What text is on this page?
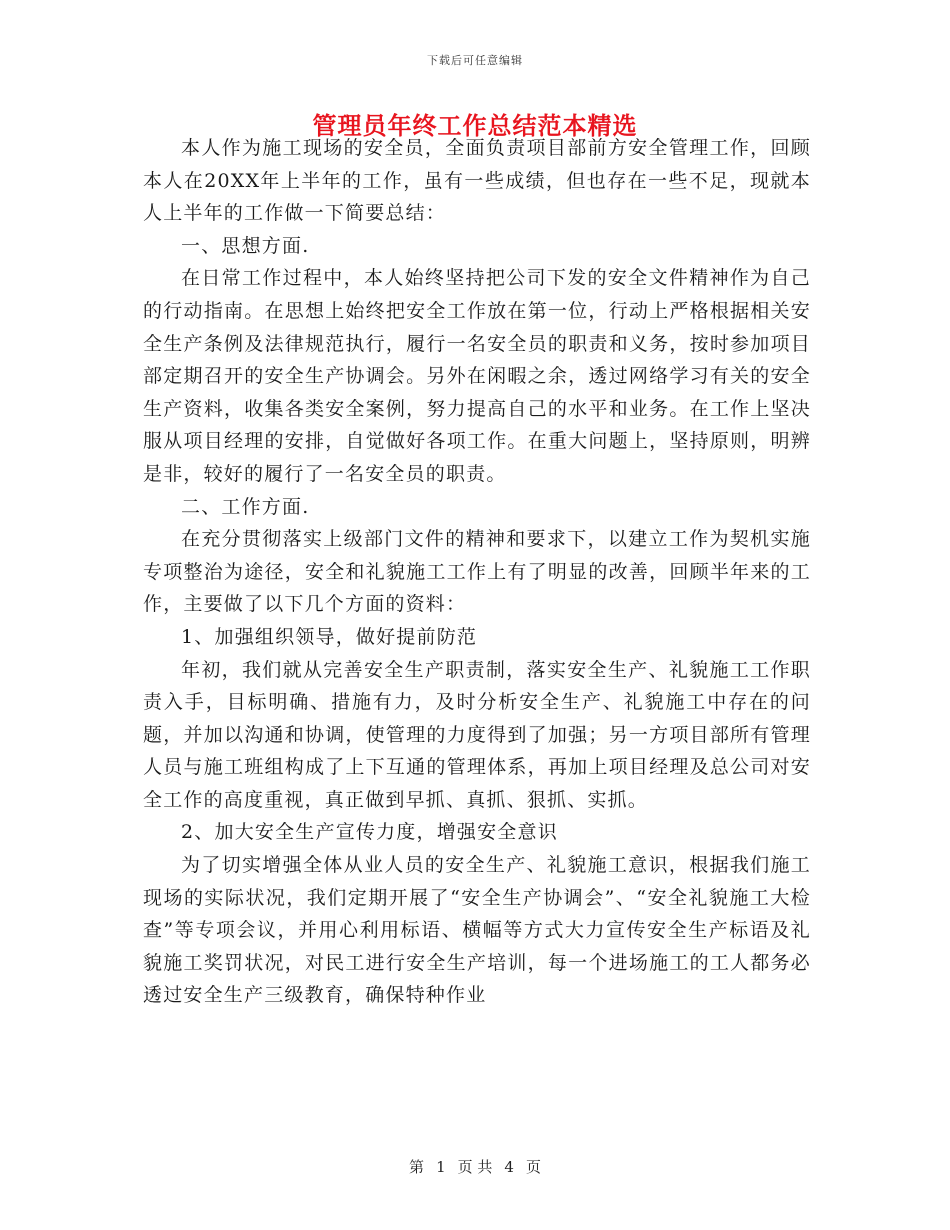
下载后可任意编辑
管理员年终工作总结范本精选

本人作为施工现场的安全员，全面负责项目部前方安全管理工作，回顾本人在20XX年上半年的工作，虽有一些成绩，但也存在一些不足，现就本人上半年的工作做一下简要总结：

一、思想方面.

在日常工作过程中，本人始终坚持把公司下发的安全文件精神作为自己的行动指南。在思想上始终把安全工作放在第一位，行动上严格根据相关安全生产条例及法律规范执行，履行一名安全员的职责和义务，按时参加项目部定期召开的安全生产协调会。另外在闲暇之余，透过网络学习有关的安全生产资料，收集各类安全案例，努力提高自己的水平和业务。在工作上坚决服从项目经理的安排，自觉做好各项工作。在重大问题上，坚持原则，明辨是非，较好的履行了一名安全员的职责。

二、工作方面.

在充分贯彻落实上级部门文件的精神和要求下，以建立工作为契机实施专项整治为途径，安全和礼貌施工工作上有了明显的改善，回顾半年来的工作，主要做了以下几个方面的资料：

1、加强组织领导，做好提前防范

年初，我们就从完善安全生产职责制，落实安全生产、礼貌施工工作职责入手，目标明确、措施有力，及时分析安全生产、礼貌施工中存在的问题，并加以沟通和协调，使管理的力度得到了加强；另一方项目部所有管理人员与施工班组构成了上下互通的管理体系，再加上项目经理及总公司对安全工作的高度重视，真正做到早抓、真抓、狠抓、实抓。

2、加大安全生产宣传力度，增强安全意识

为了切实增强全体从业人员的安全生产、礼貌施工意识，根据我们施工现场的实际状况，我们定期开展了“安全生产协调会”、“安全礼貌施工大检查”等专项会议，并用心利用标语、横幅等方式大力宣传安全生产标语及礼貌施工奖罚状况，对民工进行安全生产培训，每一个进场施工的工人都务必透过安全生产三级教育，确保特种作业

第 1 页 共 4 页
